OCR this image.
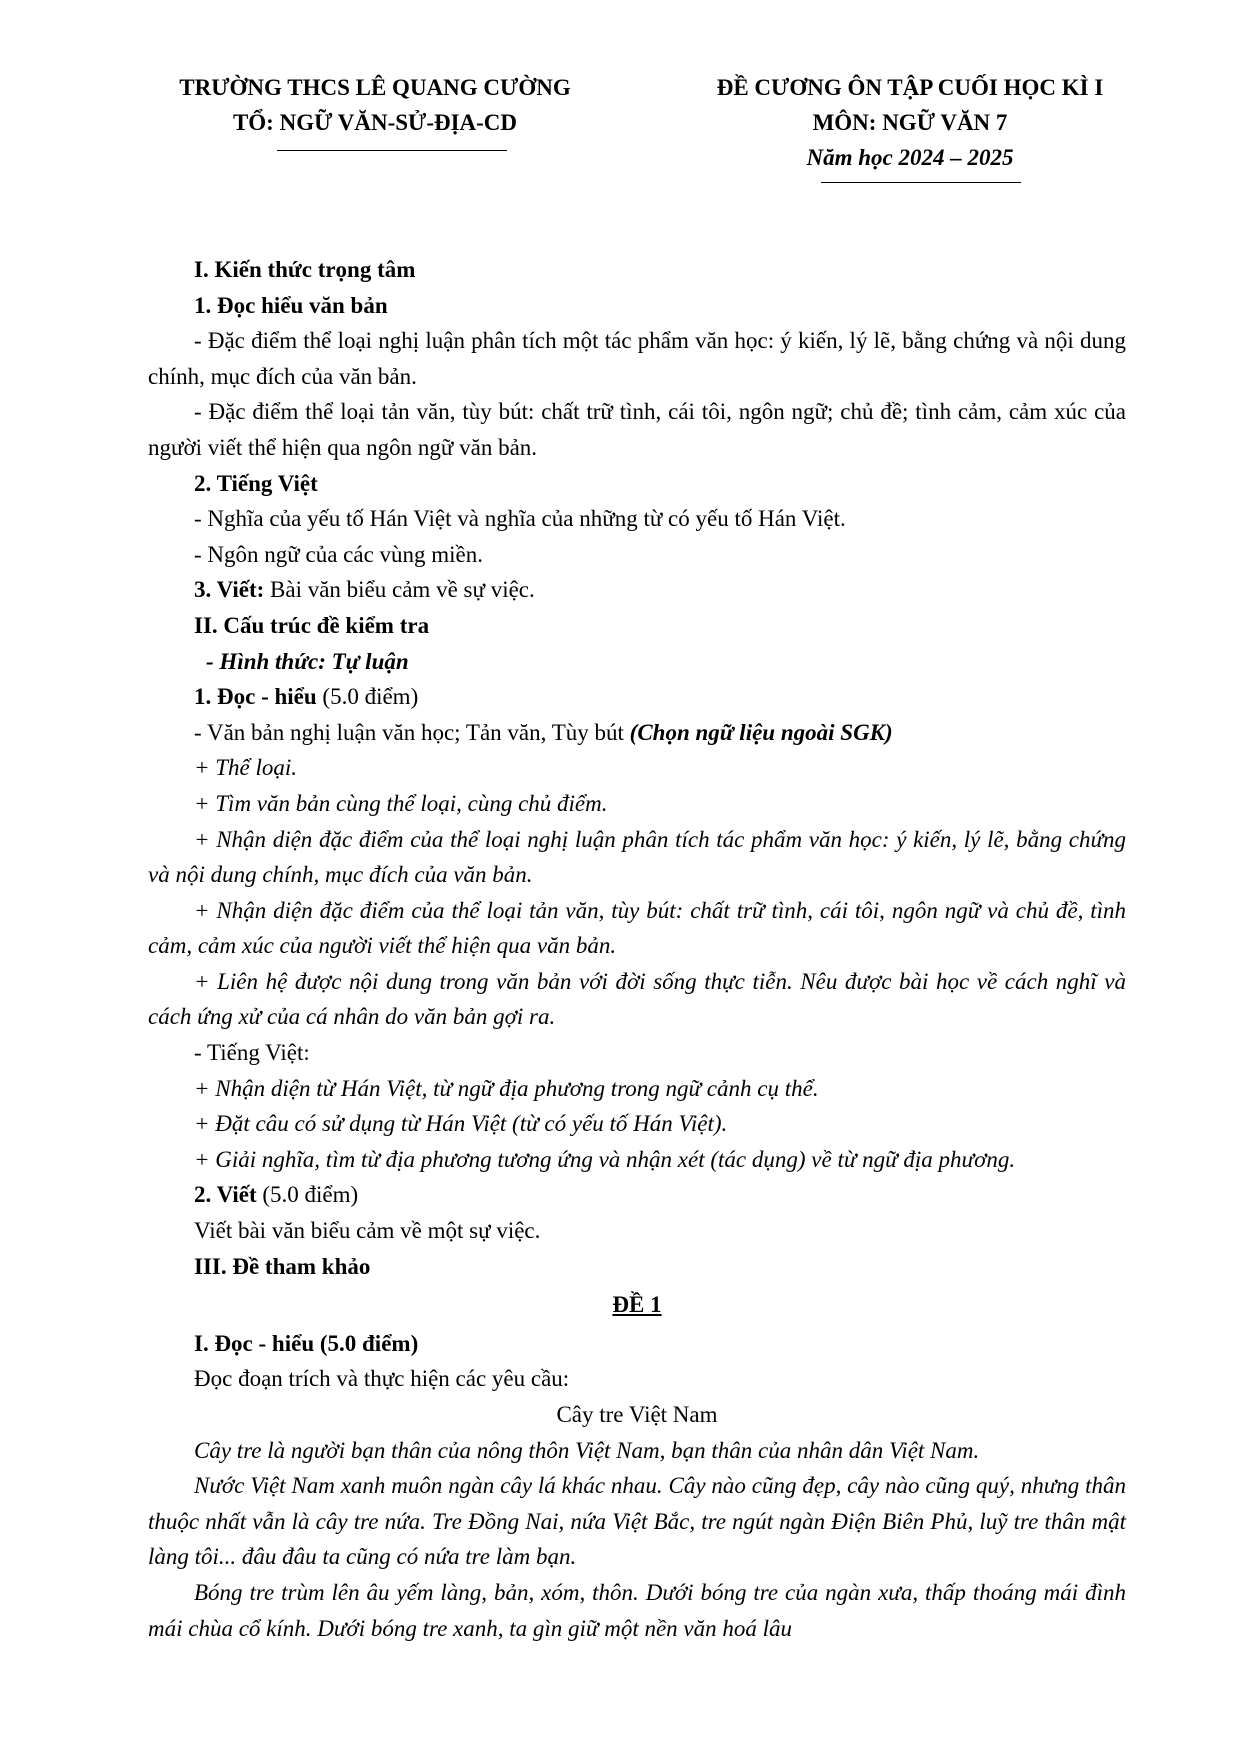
TRƯỜNG THCS LÊ QUANG CƯỜNG
TỔ: NGỮ VĂN-SỬ-ĐỊA-CD
ĐỀ CƯƠNG ÔN TẬP CUỐI HỌC KÌ I
MÔN: NGỮ VĂN 7
Năm học 2024 – 2025

I. Kiến thức trọng tâm

1. Đọc hiểu văn bản

- Đặc điểm thể loại nghị luận phân tích một tác phẩm văn học: ý kiến, lý lẽ, bằng chứng và nội dung chính, mục đích của văn bản.

- Đặc điểm thể loại tản văn, tùy bút: chất trữ tình, cái tôi, ngôn ngữ; chủ đề; tình cảm, cảm xúc của người viết thể hiện qua ngôn ngữ văn bản.

2. Tiếng Việt

- Nghĩa của yếu tố Hán Việt và nghĩa của những từ có yếu tố Hán Việt.

- Ngôn ngữ của các vùng miền.

3. Viết: Bài văn biểu cảm về sự việc.

II. Cấu trúc đề kiểm tra

- Hình thức: Tự luận

1. Đọc - hiểu (5.0 điểm)

- Văn bản nghị luận văn học; Tản văn, Tùy bút (Chọn ngữ liệu ngoài SGK)

+ Thể loại.

+ Tìm văn bản cùng thể loại, cùng chủ điểm.

+ Nhận diện đặc điểm của thể loại nghị luận phân tích tác phẩm văn học: ý kiến, lý lẽ, bằng chứng và nội dung chính, mục đích của văn bản.

+ Nhận diện đặc điểm của thể loại tản văn, tùy bút: chất trữ tình, cái tôi, ngôn ngữ và chủ đề, tình cảm, cảm xúc của người viết thể hiện qua văn bản.

+ Liên hệ được nội dung trong văn bản với đời sống thực tiễn. Nêu được bài học về cách nghĩ và cách ứng xử của cá nhân do văn bản gợi ra.

- Tiếng Việt:

+ Nhận diện từ Hán Việt, từ ngữ địa phương trong ngữ cảnh cụ thể.

+ Đặt câu có sử dụng từ Hán Việt (từ có yếu tố Hán Việt).

+ Giải nghĩa, tìm từ địa phương tương ứng và nhận xét (tác dụng) về từ ngữ địa phương.

2. Viết (5.0 điểm)

Viết bài văn biểu cảm về một sự việc.

III. Đề tham khảo

ĐỀ 1

I. Đọc - hiểu (5.0 điểm)

Đọc đoạn trích và thực hiện các yêu cầu:

Cây tre Việt Nam

Cây tre là người bạn thân của nông thôn Việt Nam, bạn thân của nhân dân Việt Nam.

Nước Việt Nam xanh muôn ngàn cây lá khác nhau. Cây nào cũng đẹp, cây nào cũng quý, nhưng thân thuộc nhất vẫn là cây tre nứa. Tre Đồng Nai, nứa Việt Bắc, tre ngút ngàn Điện Biên Phủ, luỹ tre thân mật làng tôi... đâu đâu ta cũng có nứa tre làm bạn.

Bóng tre trùm lên âu yếm làng, bản, xóm, thôn. Dưới bóng tre của ngàn xưa, thấp thoáng mái đình mái chùa cổ kính. Dưới bóng tre xanh, ta gìn giữ một nền văn hoá lâu
